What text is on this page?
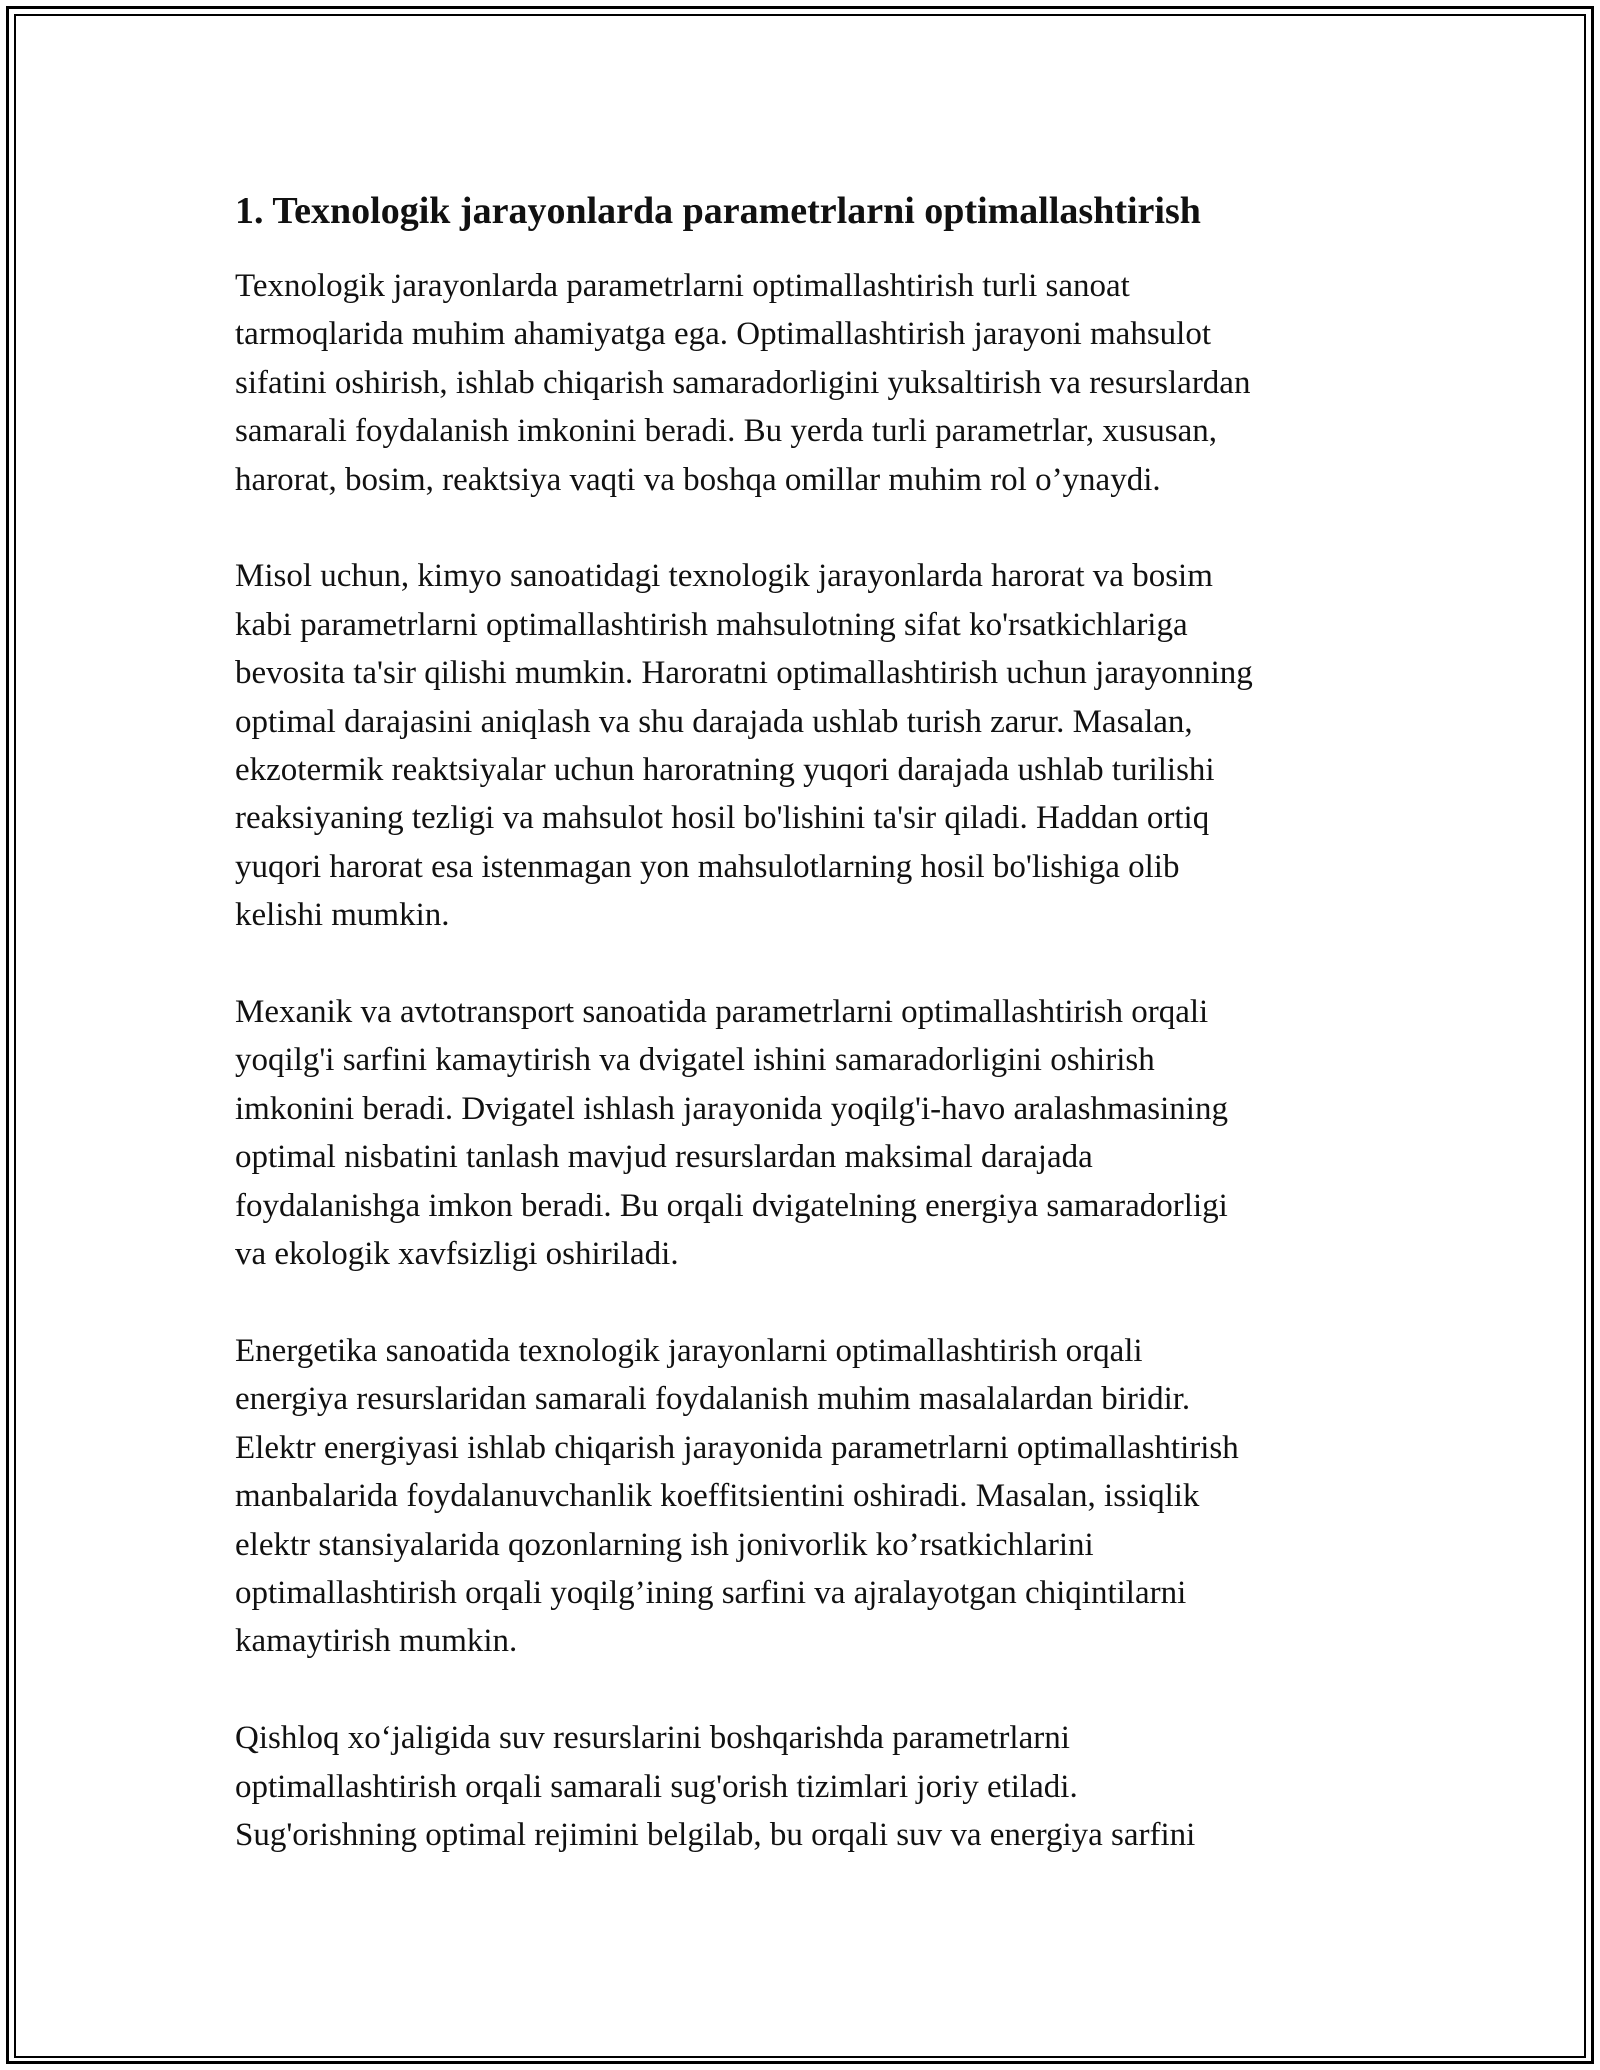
1. Texnologik jarayonlarda parametrlarni optimallashtirish
Texnologik jarayonlarda parametrlarni optimallashtirish turli sanoat
tarmoqlarida muhim ahamiyatga ega. Optimallashtirish jarayoni mahsulot
sifatini oshirish, ishlab chiqarish samaradorligini yuksaltirish va resurslardan
samarali foydalanish imkonini beradi. Bu yerda turli parametrlar, xususan,
harorat, bosim, reaktsiya vaqti va boshqa omillar muhim rol o’ynaydi.
Misol uchun, kimyo sanoatidagi texnologik jarayonlarda harorat va bosim
kabi parametrlarni optimallashtirish mahsulotning sifat ko'rsatkichlariga
bevosita ta'sir qilishi mumkin. Haroratni optimallashtirish uchun jarayonning
optimal darajasini aniqlash va shu darajada ushlab turish zarur. Masalan,
ekzotermik reaktsiyalar uchun haroratning yuqori darajada ushlab turilishi
reaksiyaning tezligi va mahsulot hosil bo'lishini ta'sir qiladi. Haddan ortiq
yuqori harorat esa istenmagan yon mahsulotlarning hosil bo'lishiga olib
kelishi mumkin.
Mexanik va avtotransport sanoatida parametrlarni optimallashtirish orqali
yoqilg'i sarfini kamaytirish va dvigatel ishini samaradorligini oshirish
imkonini beradi. Dvigatel ishlash jarayonida yoqilg'i-havo aralashmasining
optimal nisbatini tanlash mavjud resurslardan maksimal darajada
foydalanishga imkon beradi. Bu orqali dvigatelning energiya samaradorligi
va ekologik xavfsizligi oshiriladi.
Energetika sanoatida texnologik jarayonlarni optimallashtirish orqali
energiya resurslaridan samarali foydalanish muhim masalalardan biridir.
Elektr energiyasi ishlab chiqarish jarayonida parametrlarni optimallashtirish
manbalarida foydalanuvchanlik koeffitsientini oshiradi. Masalan, issiqlik
elektr stansiyalarida qozonlarning ish jonivorlik ko’rsatkichlarini
optimallashtirish orqali yoqilg’ining sarfini va ajralayotgan chiqintilarni
kamaytirish mumkin.
Qishloq xo‘jaligida suv resurslarini boshqarishda parametrlarni
optimallashtirish orqali samarali sug'orish tizimlari joriy etiladi.
Sug'orishning optimal rejimini belgilab, bu orqali suv va energiya sarfini
